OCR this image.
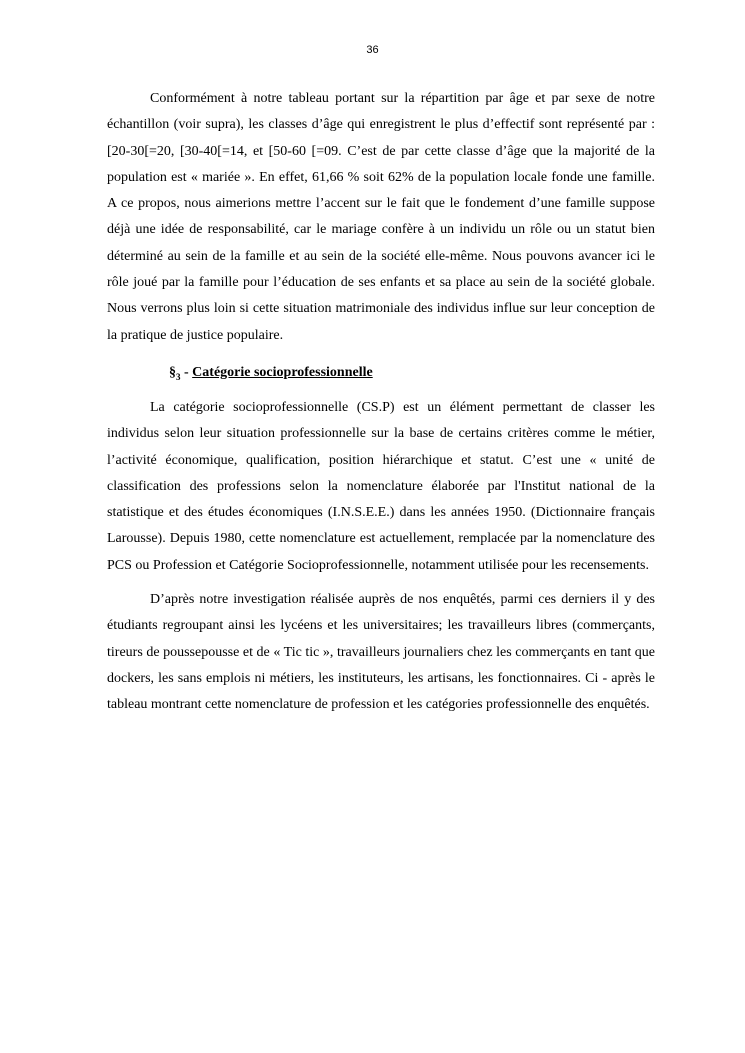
36

Conformément à notre tableau portant sur la répartition par âge et par sexe de notre échantillon (voir supra), les classes d’âge qui enregistrent le plus d’effectif sont représenté par : [20-30[=20, [30-40[=14, et [50-60 [=09. C’est de par cette classe d’âge que la majorité de la population est « mariée ». En effet, 61,66 % soit 62% de la population locale fonde une famille. A ce propos, nous aimerions mettre l’accent sur le fait que le fondement d’une famille suppose déjà une idée de responsabilité, car le mariage confère à un individu un rôle ou un statut bien déterminé au sein de la famille et au sein de la société elle-même. Nous pouvons avancer ici le rôle joué par la famille pour l’éducation de ses enfants et sa place au sein de la société globale. Nous verrons plus loin si cette situation matrimoniale des individus influe sur leur conception de la pratique de justice populaire.

$\S_3$ - Catégorie socioprofessionnelle

La catégorie socioprofessionnelle (CS.P) est un élément permettant de classer les individus selon leur situation professionnelle sur la base de certains critères comme le métier, l’activité économique, qualification, position hiérarchique et statut. C’est une « unité de classification des professions selon la nomenclature élaborée par l'Institut national de la statistique et des études économiques (I.N.S.E.E.) dans les années 1950. (Dictionnaire français Larousse). Depuis 1980, cette nomenclature est actuellement, remplacée par la nomenclature des PCS ou Profession et Catégorie Socioprofessionnelle, notamment utilisée pour les recensements.

D’après notre investigation réalisée auprès de nos enquêtés, parmi ces derniers il y des étudiants regroupant ainsi les lycéens et les universitaires; les travailleurs libres (commerçants, tireurs de poussepousse et de « Tic tic », travailleurs journaliers chez les commerçants en tant que dockers, les sans emplois ni métiers, les instituteurs, les artisans, les fonctionnaires. Ci - après le tableau montrant cette nomenclature de profession et les catégories professionnelle des enquêtés.
